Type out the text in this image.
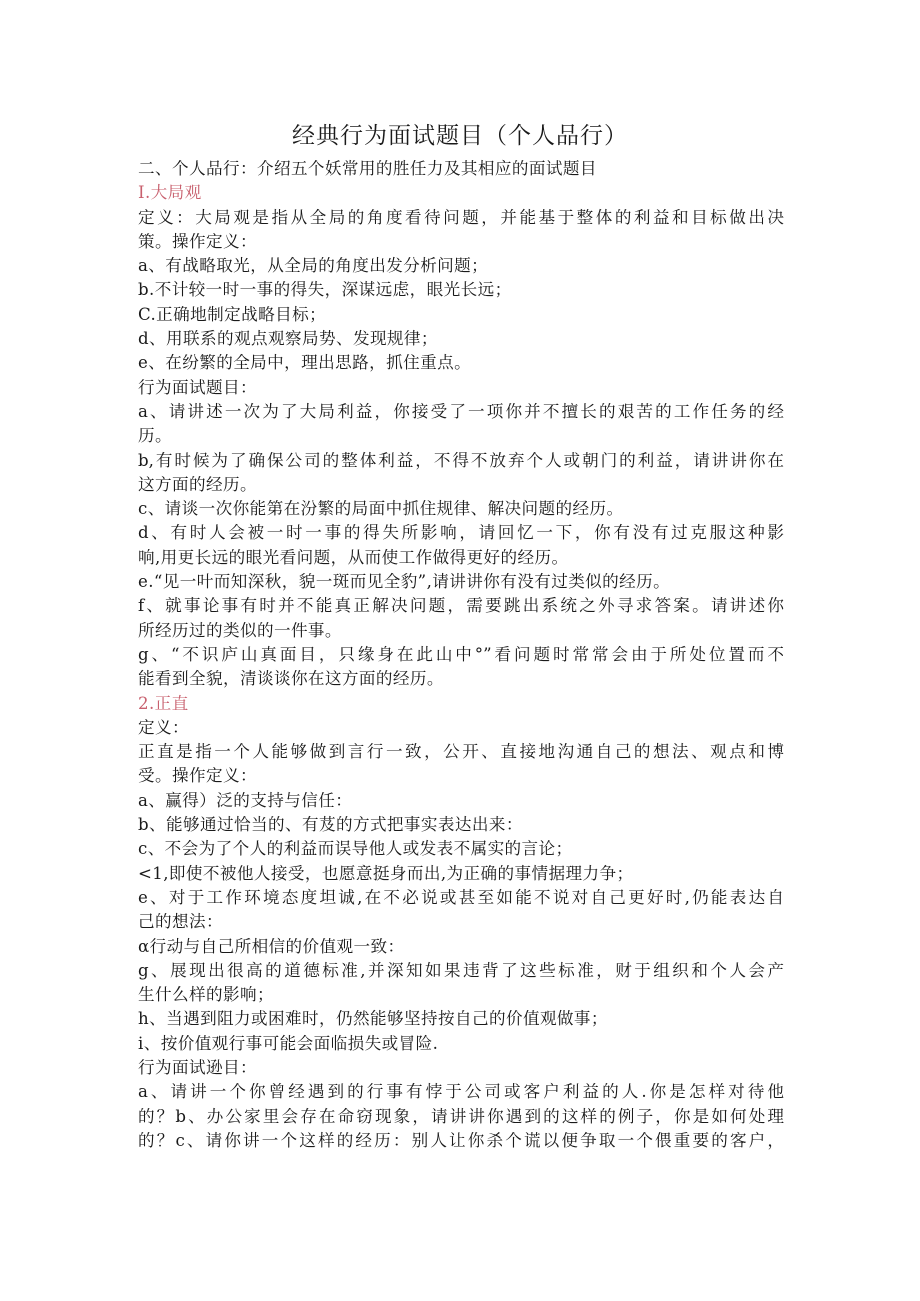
经典行为面试题目（个人品行）
二、个人品行：介绍五个妖常用的胜任力及其相应的面试题目
I.大局观
定义：大局观是指从全局的角度看待问题，并能基于整体的利益和目标做出决
策。操作定义：
a、有战略取光，从全局的角度出发分析问题；
b.不计较一时一事的得失，深谋远虑，眼光长远；
C.正确地制定战略目标；
d、用联系的观点观察局势、发现规律；
e、在纷繁的全局中，理出思路，抓住重点。
行为面试题目：
a、请讲述一次为了大局利益，你接受了一项你并不擅长的艰苦的工作任务的经
历。
b,有时候为了确保公司的整体利益，不得不放弃个人或朝门的利益，请讲讲你在
这方面的经历。
c、请谈一次你能第在汾繁的局面中抓住规律、解决问题的经历。
d、有时人会被一时一事的得失所影响，请回忆一下，你有没有过克服这种影
响,用更长远的眼光看问题，从而使工作做得更好的经历。
e.“见一叶而知深秋，貌一斑而见全豹”,请讲讲你有没有过类似的经历。
f、就事论事有时并不能真正解决问题，需要跳出系统之外寻求答案。请讲述你
所经历过的类似的一件事。
g、“不识庐山真面目，只缘身在此山中°”看问题时常常会由于所处位置而不
能看到全貌，清谈谈你在这方面的经历。
2.正直
定义：
正直是指一个人能够做到言行一致，公开、直接地沟通自己的想法、观点和博
受。操作定义：
a、赢得）泛的支持与信任：
b、能够通过恰当的、有芨的方式把事实表达出来：
c、不会为了个人的利益而误导他人或发表不属实的言论；
<1,即使不被他人接受，也愿意挺身而出,为正确的事情据理力争；
e、对于工作环境态度坦诚,在不必说或甚至如能不说对自己更好时,仍能表达自
己的想法：
α行动与自己所相信的价值观一致：
g、展现出很高的道德标准,并深知如果违背了这些标准，财于组织和个人会产
生什么样的影响；
h、当遇到阻力或困难时，仍然能够坚持按自己的价值观做事；
i、按价值观行事可能会面临损失或冒险.
行为面试逊目：
a、请讲一个你曾经遇到的行事有悖于公司或客户利益的人.你是怎样对待他
的？b、办公家里会存在命窃现象，请讲讲你遇到的这样的例子，你是如何处理
的？c、请你讲一个这样的经历：别人让你杀个谎以便争取一个偎重要的客户，
